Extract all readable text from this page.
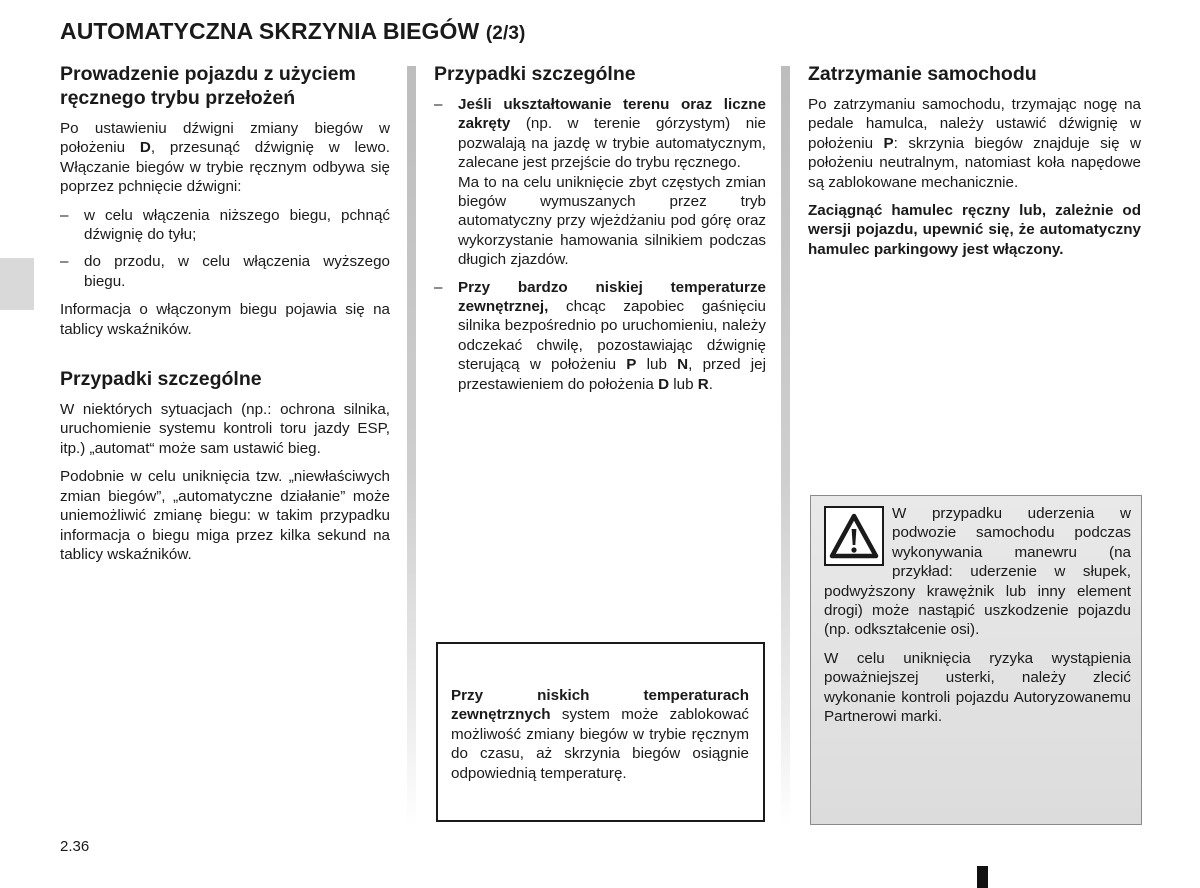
AUTOMATYCZNA SKRZYNIA BIEGÓW (2/3)
Prowadzenie pojazdu z użyciem ręcznego trybu przełożeń

Po ustawieniu dźwigni zmiany biegów w położeniu D, przesunąć dźwignię w lewo. Włączanie biegów w trybie ręcznym odbywa się poprzez pchnięcie dźwigni:

– w celu włączenia niższego biegu, pchnąć dźwignię do tyłu;
– do przodu, w celu włączenia wyższego biegu.

Informacja o włączonym biegu pojawia się na tablicy wskaźników.

Przypadki szczególne

W niektórych sytuacjach (np.: ochrona silnika, uruchomienie systemu kontroli toru jazdy ESP, itp.) „automat“ może sam ustawić bieg.

Podobnie w celu uniknięcia tzw. „niewłaściwych zmian biegów”, „automatyczne działanie” może uniemożliwić zmianę biegu: w takim przypadku informacja o biegu miga przez kilka sekund na tablicy wskaźników.

Przypadki szczególne
– Jeśli ukształtowanie terenu oraz liczne zakręty (np. w terenie górzystym) nie pozwalają na jazdę w trybie automatycznym, zalecane jest przejście do trybu ręcznego.
Ma to na celu uniknięcie zbyt częstych zmian biegów wymuszanych przez tryb automatyczny przy wjeżdżaniu pod górę oraz wykorzystanie hamowania silnikiem podczas długich zjazdów.
– Przy bardzo niskiej temperaturze zewnętrznej, chcąc zapobiec gaśnięciu silnika bezpośrednio po uruchomieniu, należy odczekać chwilę, pozostawiając dźwignię sterującą w położeniu P lub N, przed jej przestawieniem do położenia D lub R.

Przy niskich temperaturach zewnętrznych system może zablokować możliwość zmiany biegów w trybie ręcznym do czasu, aż skrzynia biegów osiągnie odpowiednią temperaturę.

Zatrzymanie samochodu

Po zatrzymaniu samochodu, trzymając nogę na pedale hamulca, należy ustawić dźwignię w położeniu P: skrzynia biegów znajduje się w położeniu neutralnym, natomiast koła napędowe są zablokowane mechanicznie.

Zaciągnąć hamulec ręczny lub, zależnie od wersji pojazdu, upewnić się, że automatyczny hamulec parkingowy jest włączony.

W przypadku uderzenia w podwozie samochodu podczas wykonywania manewru (na przykład: uderzenie w słupek, podwyższony krawężnik lub inny element drogi) może nastąpić uszkodzenie pojazdu (np. odkształcenie osi).

W celu uniknięcia ryzyka wystąpienia poważniejszej usterki, należy zlecić wykonanie kontroli pojazdu Autoryzowanemu Partnerowi marki.

2.36
